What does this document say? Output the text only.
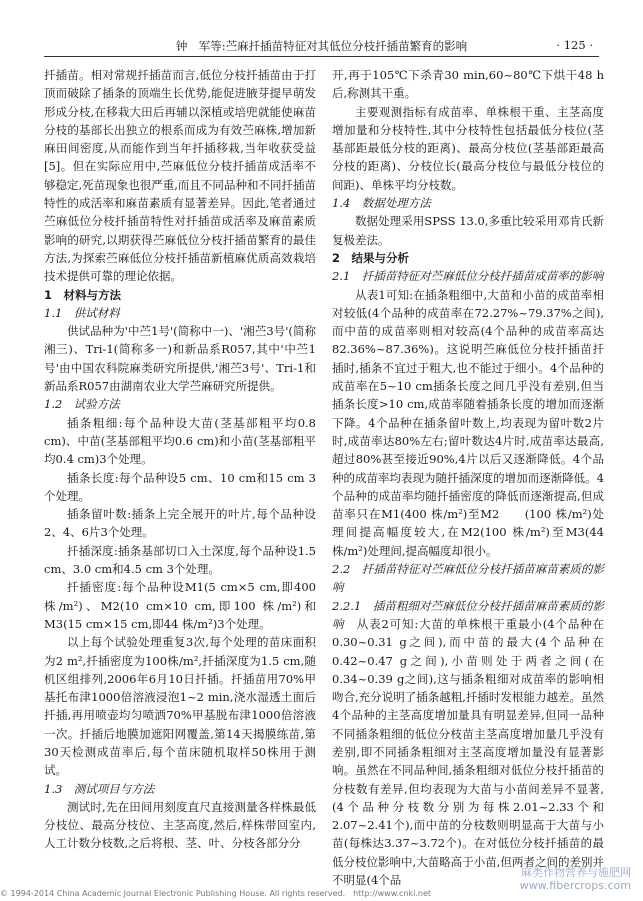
钟　军等:苎麻扦插苗特征对其低位分枝扦插苗繁育的影响	· 125 ·

扦插苗。相对常规扦插苗而言,低位分枝扦插苗由于打顶而破除了插条的顶端生长优势,能促进腋芽提早萌发形成分枝,在移栽大田后再辅以深植或培兜就能使麻苗分枝的基部长出独立的根系而成为有效苎麻株,增加新麻田间密度,从而能作到当年扦插移栽,当年收获受益[5]。但在实际应用中,苎麻低位分枝扦插苗成活率不够稳定,死苗现象也很严重,而且不同品种和不同扦插苗特性的成活率和麻苗素质有显著差异。因此,笔者通过苎麻低位分枝扦插苗特性对扦插苗成活率及麻苗素质影响的研究,以期获得苎麻低位分枝扦插苗繁育的最佳方法,为探索苎麻低位分枝扦插苗新植麻优质高效栽培技术提供可靠的理论依据。

1　材料与方法

1.1　供试材料

供试品种为'中苎1号'(简称中一)、'湘苎3号'(简称湘三)、Tri-1(简称多一)和新品系R057,其中'中苎1号'由中国农科院麻类研究所提供,'湘苎3号'、Tri-1和新品系R057由湖南农业大学苎麻研究所提供。

1.2　试验方法

插条粗细:每个品种设大苗(茎基部粗平均0.8 cm)、中苗(茎基部粗平均0.6 cm)和小苗(茎基部粗平均0.4 cm)3个处理。

插条长度:每个品种设5 cm、10 cm和15 cm 3个处理。

插条留叶数:插条上完全展开的叶片,每个品种设2、4、6片3个处理。

扦插深度:插条基部切口入土深度,每个品种设1.5 cm、3.0 cm和4.5 cm 3个处理。

扦插密度:每个品种设M1(5 cm×5 cm,即400 株/m²)、M2(10 cm×10 cm,即100 株/m²)和M3(15 cm×15 cm,即44 株/m²)3个处理。

以上每个试验处理重复3次,每个处理的苗床面积为2 m²,扦插密度为100株/m²,扦插深度为1.5 cm,随机区组排列,2006年6月10日扦插。扦插苗用70%甲基托布津1000倍溶液浸泡1~2 min,浇水湿透土面后扦插,再用喷壶均匀喷洒70%甲基脱布津1000倍溶液一次。扦插后地膜加遮阳网覆盖,第14天揭膜练苗,第30天检测成苗率后,每个苗床随机取样50株用于测试。

1.3　测试项目与方法

测试时,先在田间用刻度直尺直接测量各样株最低分枝位、最高分枝位、主茎高度,然后,样株带回室内,人工计数分枝数,之后将根、茎、叶、分枝各部分分

开,再于105℃下杀青30 min,60~80℃下烘干48 h后,称测其干重。

主要观测指标有成苗率、单株根干重、主茎高度增加量和分枝特性,其中分枝特性包括最低分枝位(茎基部距最低分枝的距离)、最高分枝位(茎基部距最高分枝的距离)、分枝位长(最高分枝位与最低分枝位的间距)、单株平均分枝数。

1.4　数据处理方法

数据处理采用SPSS 13.0,多重比较采用邓肯氏新复极差法。

2　结果与分析

2.1　扦插苗特征对苎麻低位分枝扦插苗成苗率的影响

从表1可知:在插条粗细中,大苗和小苗的成苗率相对较低(4个品种的成苗率在72.27%~79.37%之间),而中苗的成苗率则相对较高(4个品种的成苗率高达82.36%~87.36%)。这说明苎麻低位分枝扦插苗扦插时,插条不宜过于粗大,也不能过于细小。4个品种的成苗率在5~10 cm插条长度之间几乎没有差别,但当插条长度>10 cm,成苗率随着插条长度的增加而逐渐下降。4个品种在插条留叶数上,均表现为留叶数2片时,成苗率达80%左右;留叶数达4片时,成苗率达最高,超过80%甚至接近90%,4片以后又逐渐降低。4个品种的成苗率均表现为随扦插深度的增加而逐渐降低。4个品种的成苗率均随扦插密度的降低而逐渐提高,但成苗率只在M1(400 株/m²)至M2　　(100 株/m²)处理间提高幅度较大,在M2(100 株/m²)至M3(44 株/m²)处理间,提高幅度却很小。

2.2　扦插苗特征对苎麻低位分枝扦插苗麻苗素质的影响

2.2.1　插苗粗细对苎麻低位分枝扦插苗麻苗素质的影响　 从表2可知:大苗的单株根干重最小(4个品种在0.30~0.31 g之间),而中苗的最大(4个品种在0.42~0.47 g之间),小苗则处于两者之间(在0.34~0.39 g之间),这与插条粗细对成苗率的影响相吻合,充分说明了插条越粗,扦插时发根能力越差。虽然4个品种的主茎高度增加量具有明显差异,但同一品种不同插条粗细的低位分枝苗主茎高度增加量几乎没有差别,即不同插条粗细对主茎高度增加量没有显著影响。虽然在不同品种间,插条粗细对低位分枝扦插苗的分枝数有差异,但均表现为大苗与小苗间差异不显著,(4个品种分枝数分别为每株2.01~2.33个和2.07~2.41个),而中苗的分枝数则明显高于大苗与小苗(每株达3.37~3.72个)。在对低位分枝扦插苗的最低分枝位影响中,大苗略高于小苗,但两者之间的差别并不明显(4个品

© 1994-2014 China Academic Journal Electronic Publishing House. All rights reserved.　http://www.cnki.net
麻类作物营养与施肥网
www.fibercrops.com
